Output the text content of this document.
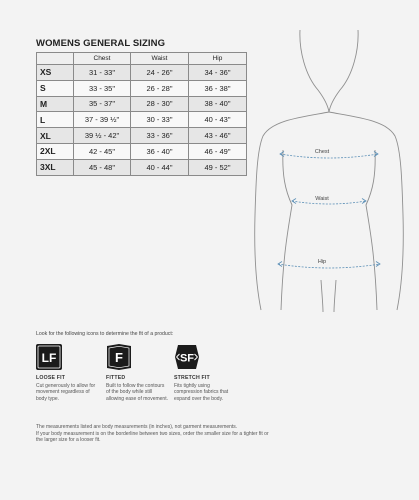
WOMENS GENERAL SIZING
	Chest	Waist	Hip
XS	31 - 33"	24 - 26"	34 - 36"
S	33 - 35"	26 - 28"	36 - 38"
M	35 - 37"	28 - 30"	38 - 40"
L	37 - 39 ½"	30 - 33"	40 - 43"
XL	39 ½ - 42"	33 - 36"	43 - 46"
2XL	42 - 45"	36 - 40"	46 - 49"
3XL	45 - 48"	40 - 44"	49 - 52"
Chest
Waist
Hip
Look for the following icons to determine the fit of a product:
LF
LOOSE FIT
Cut generously to allow for movement regardless of body type.
F
FITTED
Built to follow the contours of the body while still allowing ease of movement.
SF
STRETCH FIT
Fits tightly using compression fabrics that expand over the body.
The measurements listed are body measurements (in inches), not garment measurements.
If your body measurement is on the borderline between two sizes, order the smaller size for a tighter fit or the larger size for a looser fit.
